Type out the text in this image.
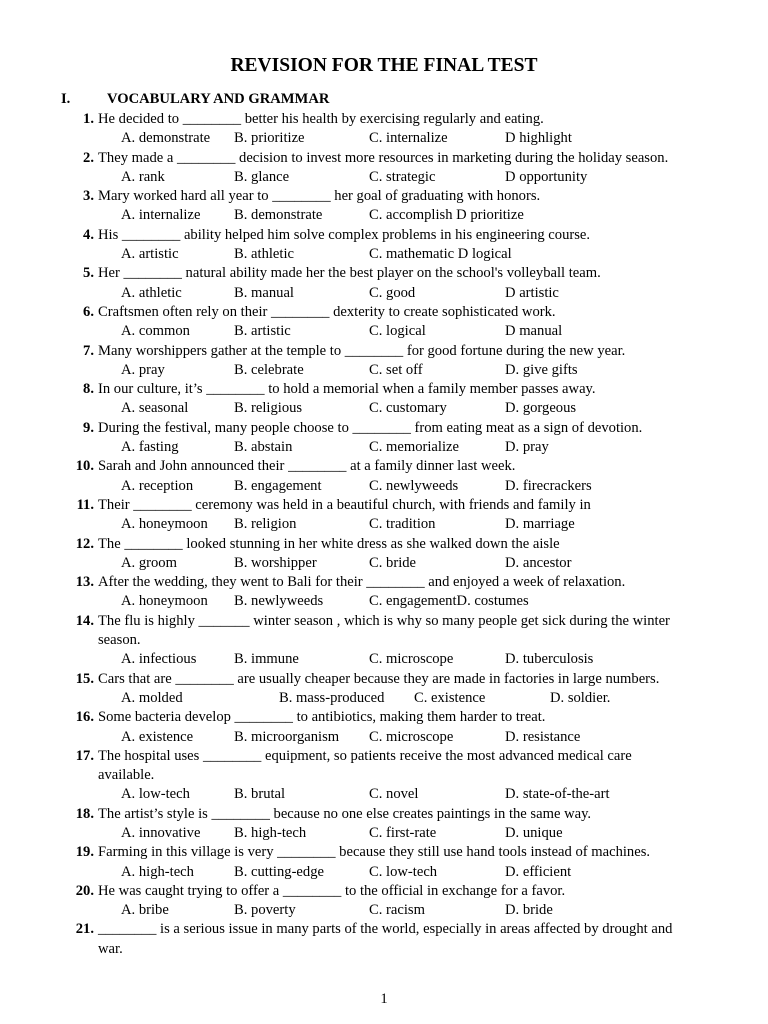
REVISION FOR THE FINAL TEST
I.	VOCABULARY AND GRAMMAR
1. He decided to ________ better his health by exercising regularly and eating.
A. demonstrate B. prioritize	C. internalize	D highlight
2. They made a ________ decision to invest more resources in marketing during the holiday season.
A. rank	B. glance	C. strategic	D opportunity
3. Mary worked hard all year to ________ her goal of graduating with honors.
A. internalize B. demonstrate	C. accomplish D prioritize
4. His ________ ability helped him solve complex problems in his engineering course.
A. artistic	B. athletic	C. mathematic D logical
5. Her ________ natural ability made her the best player on the school's volleyball team.
A. athletic	B. manual	C. good	D artistic
6. Craftsmen often rely on their ________ dexterity to create sophisticated work.
A. common	B. artistic	C. logical	D manual
7. Many worshippers gather at the temple to ________ for good fortune during the new year.
A. pray	B. celebrate	C. set off	D. give gifts
8. In our culture, it’s ________ to hold a memorial when a family member passes away.
A. seasonal	B. religious	C. customary	D. gorgeous
9. During the festival, many people choose to ________ from eating meat as a sign of devotion.
A. fasting	B. abstain	C. memorialize	D. pray
10. Sarah and John announced their ________ at a family dinner last week.
A. reception	B. engagement	C. newlyweeds	D. firecrackers
11. Their ________ ceremony was held in a beautiful church, with friends and family in
A. honeymoon B. religion	C. tradition	D. marriage
12. The ________ looked stunning in her white dress as she walked down the aisle
A. groom	B. worshipper	C. bride	D. ancestor
13. After the wedding, they went to Bali for their ________ and enjoyed a week of relaxation.
A. honeymoon B. newlyweeds	C. engagementD. costumes
14. The flu is highly _______ winter season , which is why so many people get sick during the winter
season.
A. infectious	B. immune	C. microscope	D. tuberculosis
15. Cars that are ________ are usually cheaper because they are made in factories in large numbers.
A. molded	B. mass-produced C. existence	D. soldier.
16. Some bacteria develop ________ to antibiotics, making them harder to treat.
A. existence	B. microorganism C. microscope	D. resistance
17. The hospital uses ________ equipment, so patients receive the most advanced medical care
available.
A. low-tech	B. brutal	C. novel	D. state-of-the-art
18. The artist’s style is ________ because no one else creates paintings in the same way.
A. innovative B. high-tech	C. first-rate	D. unique
19. Farming in this village is very ________ because they still use hand tools instead of machines.
A. high-tech	B. cutting-edge	C. low-tech	D. efficient
20. He was caught trying to offer a ________ to the official in exchange for a favor.
A. bribe	B. poverty	C. racism	D. bride
21. ________ is a serious issue in many parts of the world, especially in areas affected by drought and
war.
1
